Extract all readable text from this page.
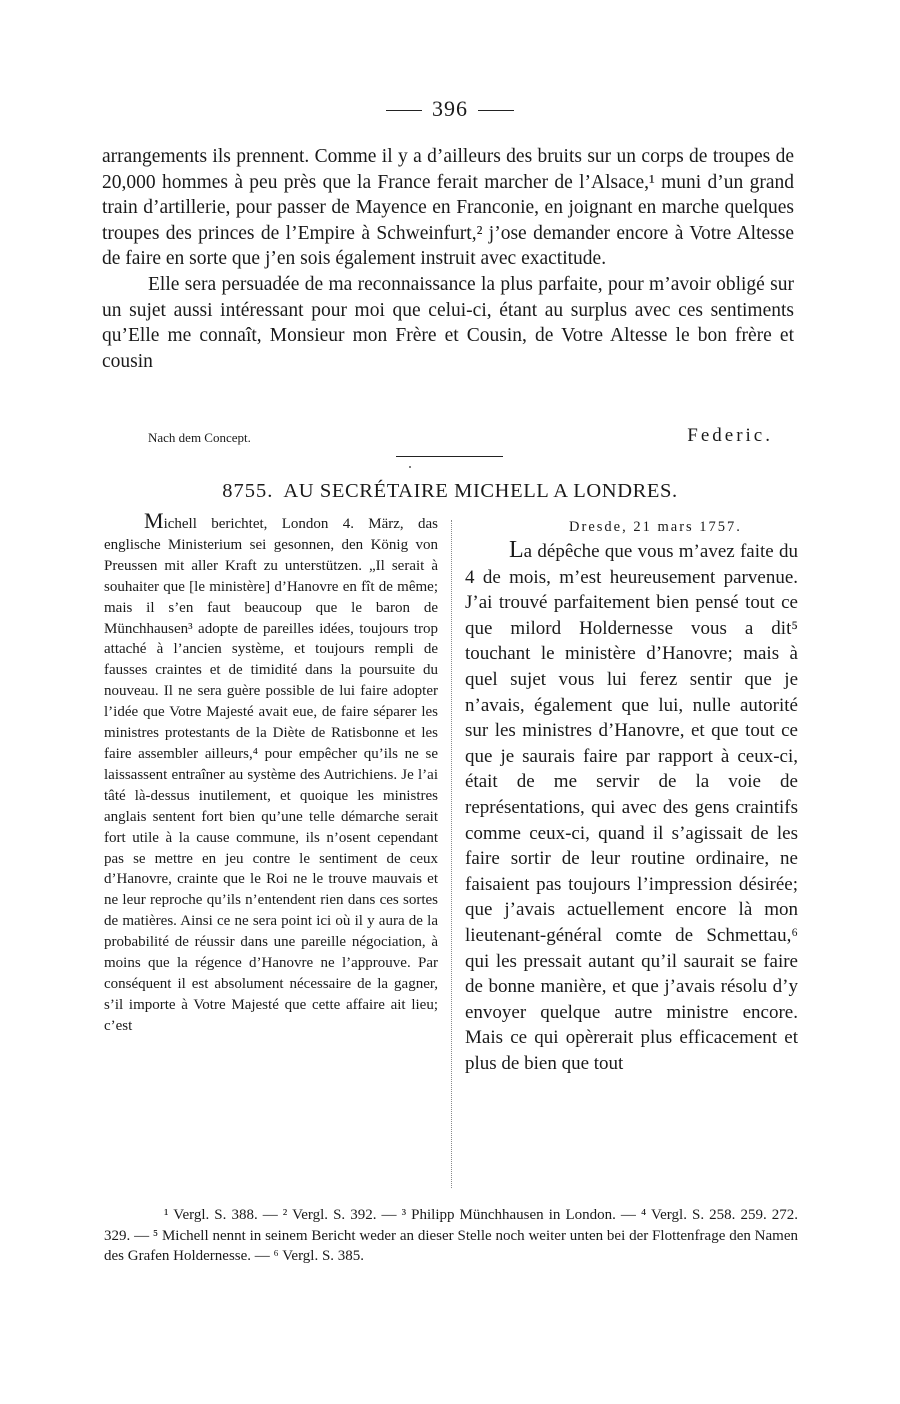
396

arrangements ils prennent. Comme il y a d’ailleurs des bruits sur un corps de troupes de 20,000 hommes à peu près que la France ferait marcher de l’Alsace,¹ muni d’un grand train d’artillerie, pour passer de Mayence en Franconie, en joignant en marche quelques troupes des princes de l’Empire à Schweinfurt,² j’ose demander encore à Votre Altesse de faire en sorte que j’en sois également instruit avec exactitude.

Elle sera persuadée de ma reconnaissance la plus parfaite, pour m’avoir obligé sur un sujet aussi intéressant pour moi que celui-ci, étant au surplus avec ces sentiments qu’Elle me connaît, Monsieur mon Frère et Cousin, de Votre Altesse le bon frère et cousin

Nach dem Concept.	Federic.
8755. AU SECRÉTAIRE MICHELL A LONDRES.

Michell berichtet, London 4. März, das englische Ministerium sei gesonnen, den König von Preussen mit aller Kraft zu unterstützen. „Il serait à souhaiter que [le ministère] d’Hanovre en fît de même; mais il s’en faut beaucoup que le baron de Münchhausen³ adopte de pareilles idées, toujours trop attaché à l’ancien système, et toujours rempli de fausses craintes et de timidité dans la poursuite du nouveau. Il ne sera guère possible de lui faire adopter l’idée que Votre Majesté avait eue, de faire séparer les ministres protestants de la Diète de Ratisbonne et les faire assembler ailleurs,⁴ pour empêcher qu’ils ne se laissassent entraîner au système des Autrichiens. Je l’ai tâté là-dessus inutilement, et quoique les ministres anglais sentent fort bien qu’une telle démarche serait fort utile à la cause commune, ils n’osent cependant pas se mettre en jeu contre le sentiment de ceux d’Hanovre, crainte que le Roi ne le trouve mauvais et ne leur reproche qu’ils n’entendent rien dans ces sortes de matières. Ainsi ce ne sera point ici où il y aura de la probabilité de réussir dans une pareille négociation, à moins que la régence d’Hanovre ne l’approuve. Par conséquent il est absolument nécessaire de la gagner, s’il importe à Votre Majesté que cette affaire ait lieu; c’est

Dresde, 21 mars 1757.

La dépêche que vous m’avez faite du 4 de mois, m’est heureusement parvenue. J’ai trouvé parfaitement bien pensé tout ce que milord Holdernesse vous a dit⁵ touchant le ministère d’Hanovre; mais à quel sujet vous lui ferez sentir que je n’avais, également que lui, nulle autorité sur les ministres d’Hanovre, et que tout ce que je saurais faire par rapport à ceux-ci, était de me servir de la voie de représentations, qui avec des gens craintifs comme ceux-ci, quand il s’agissait de les faire sortir de leur routine ordinaire, ne faisaient pas toujours l’impression désirée; que j’avais actuellement encore là mon lieutenant-général comte de Schmettau,⁶ qui les pressait autant qu’il saurait se faire de bonne manière, et que j’avais résolu d’y envoyer quelque autre ministre encore. Mais ce qui opèrerait plus efficacement et plus de bien que tout

¹ Vergl. S. 388. — ² Vergl. S. 392. — ³ Philipp Münchhausen in London. — ⁴ Vergl. S. 258. 259. 272. 329. — ⁵ Michell nennt in seinem Bericht weder an dieser Stelle noch weiter unten bei der Flottenfrage den Namen des Grafen Holdernesse. — ⁶ Vergl. S. 385.
